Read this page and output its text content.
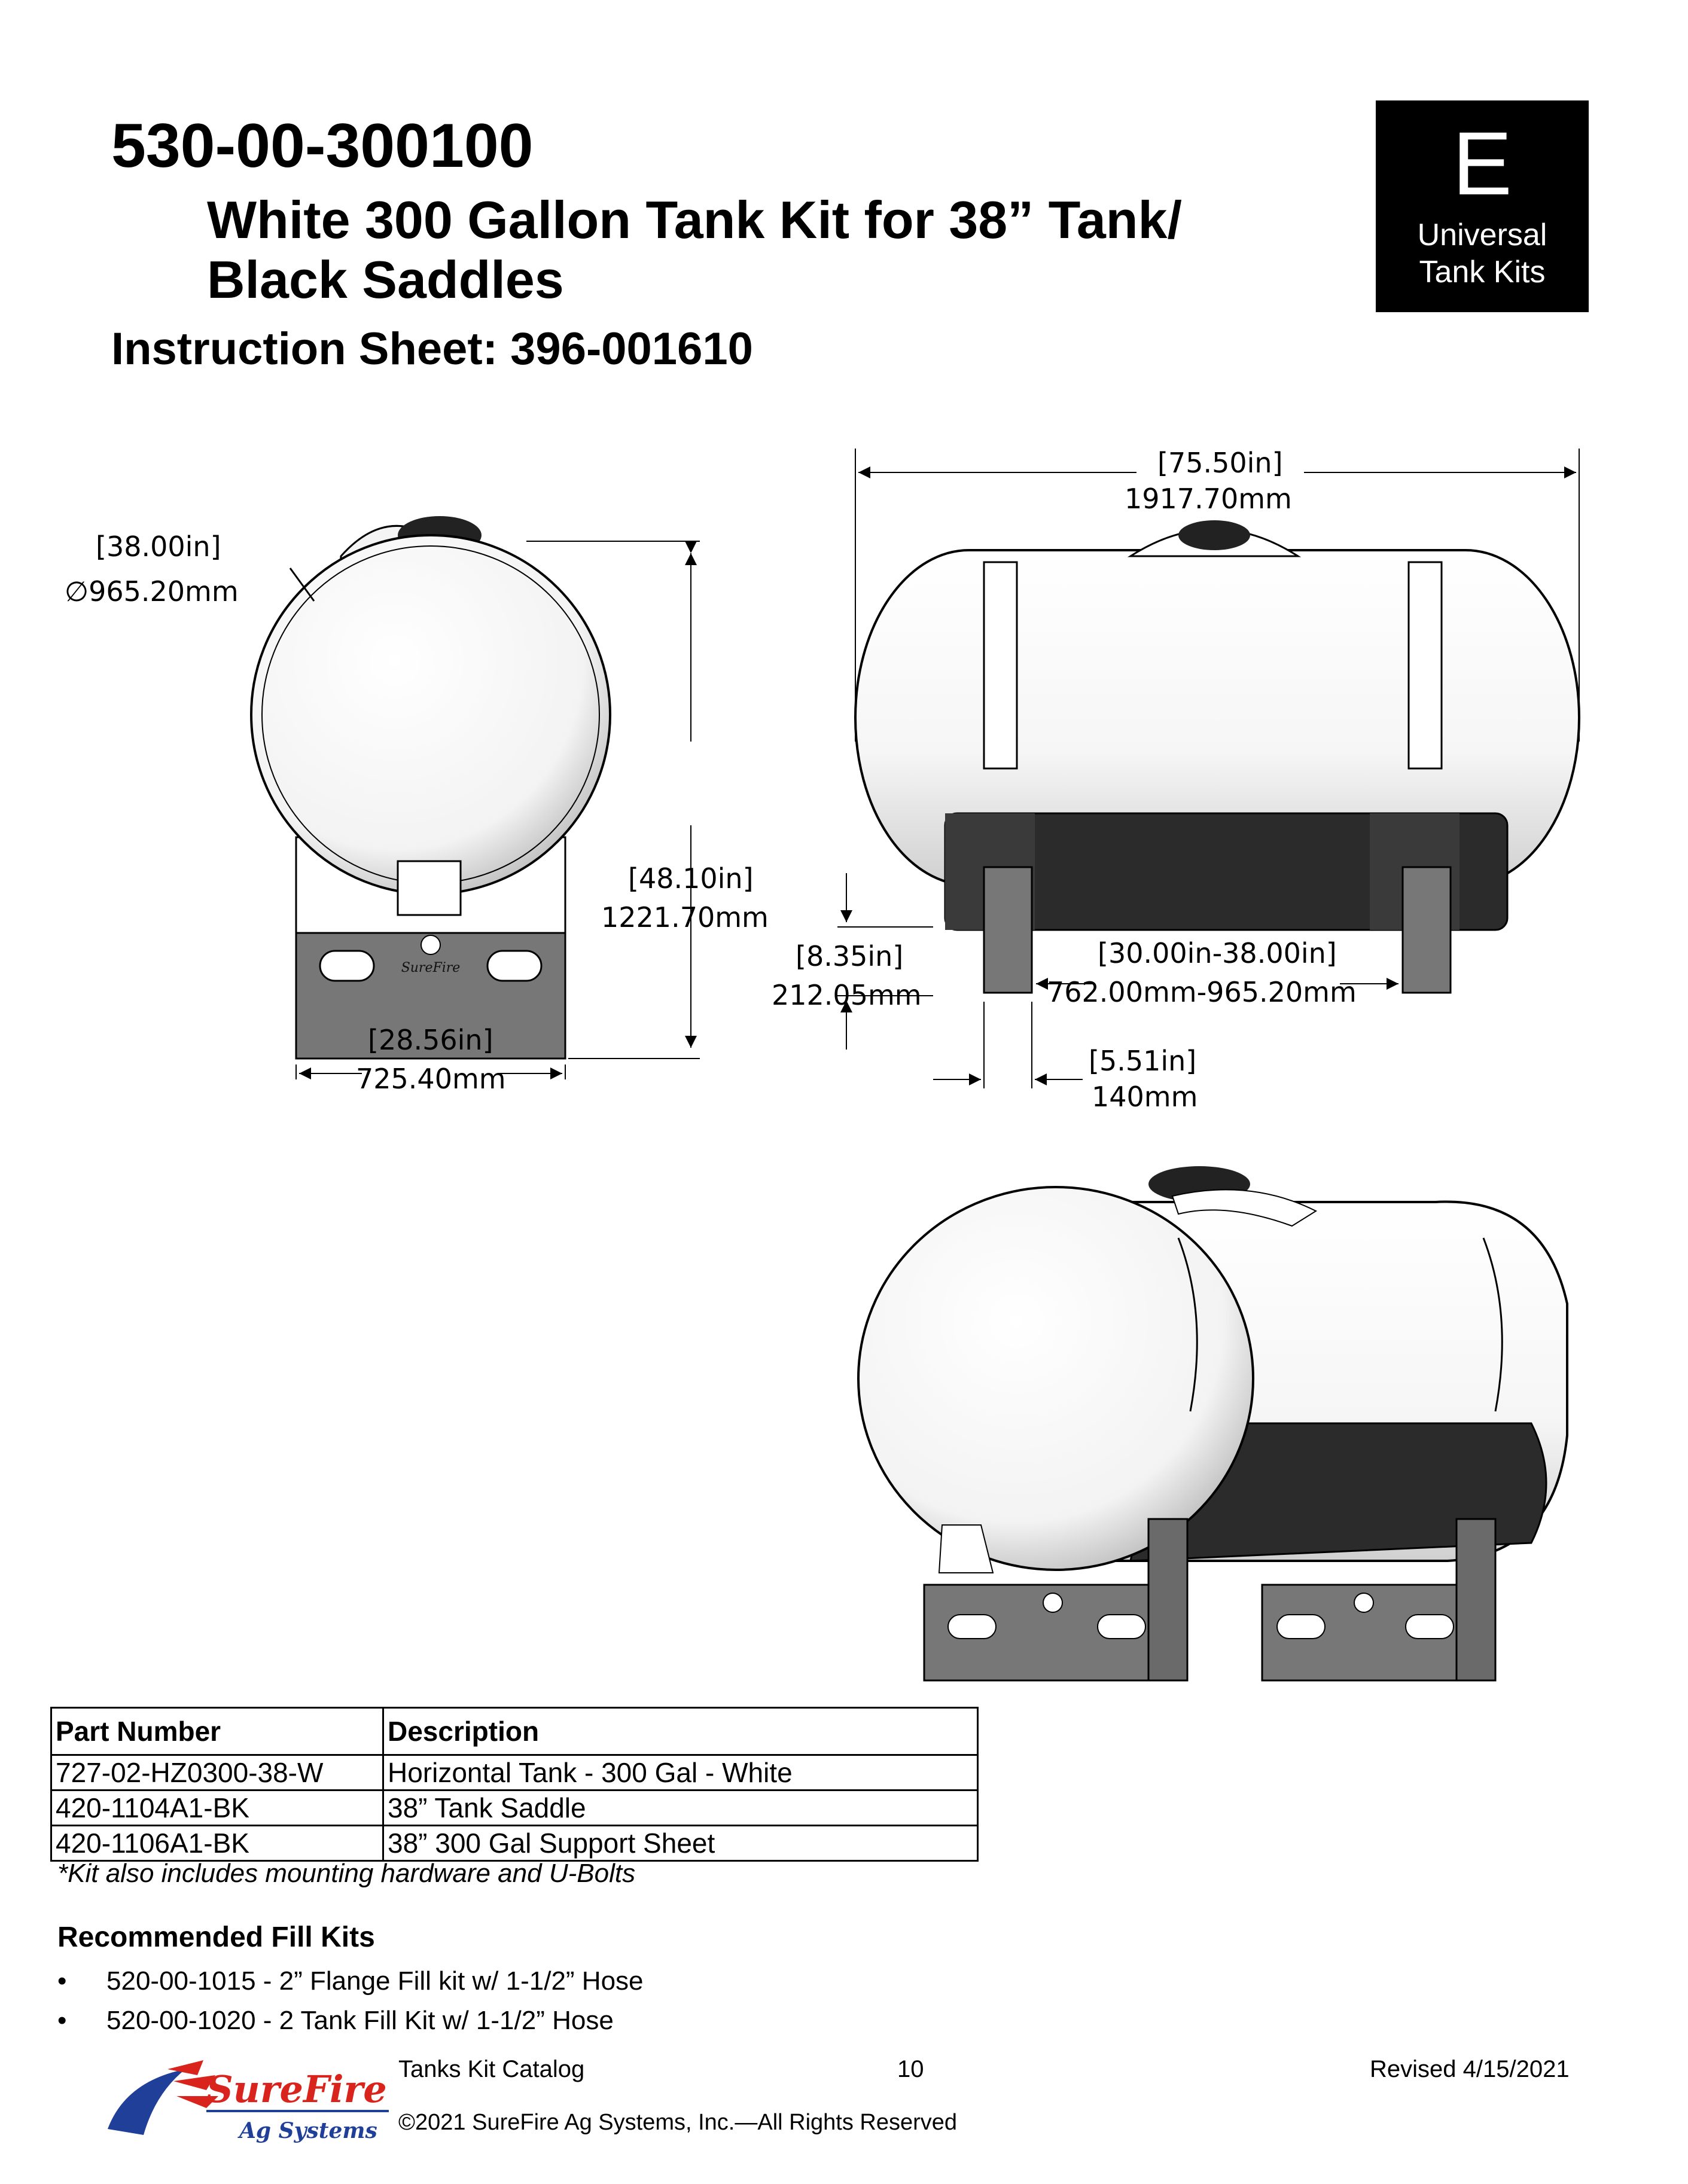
530-00-300100
White 300 Gallon Tank Kit for 38” Tank/
Black Saddles
Instruction Sheet: 396-001610
E
Universal
Tank Kits
SureFire
[38.00in]
∅965.20mm
[48.10in]
1221.70mm
[28.56in]
725.40mm
[75.50in]
1917.70mm
[8.35in]
212.05mm
[30.00in-38.00in]
762.00mm-965.20mm
[5.51in]
140mm
Part Number	Description
727-02-HZ0300-38-W	Horizontal Tank - 300 Gal - White
420-1104A1-BK	38” Tank Saddle
420-1106A1-BK	38” 300 Gal Support Sheet
*Kit also includes mounting hardware and U-Bolts
Recommended Fill Kits
• 520-00-1015 - 2” Flange Fill kit w/ 1-1/2” Hose
• 520-00-1020 - 2 Tank Fill Kit w/ 1-1/2” Hose
SureFire
Ag Systems
Tanks Kit Catalog	10	Revised 4/15/2021
©2021 SureFire Ag Systems, Inc.—All Rights Reserved
